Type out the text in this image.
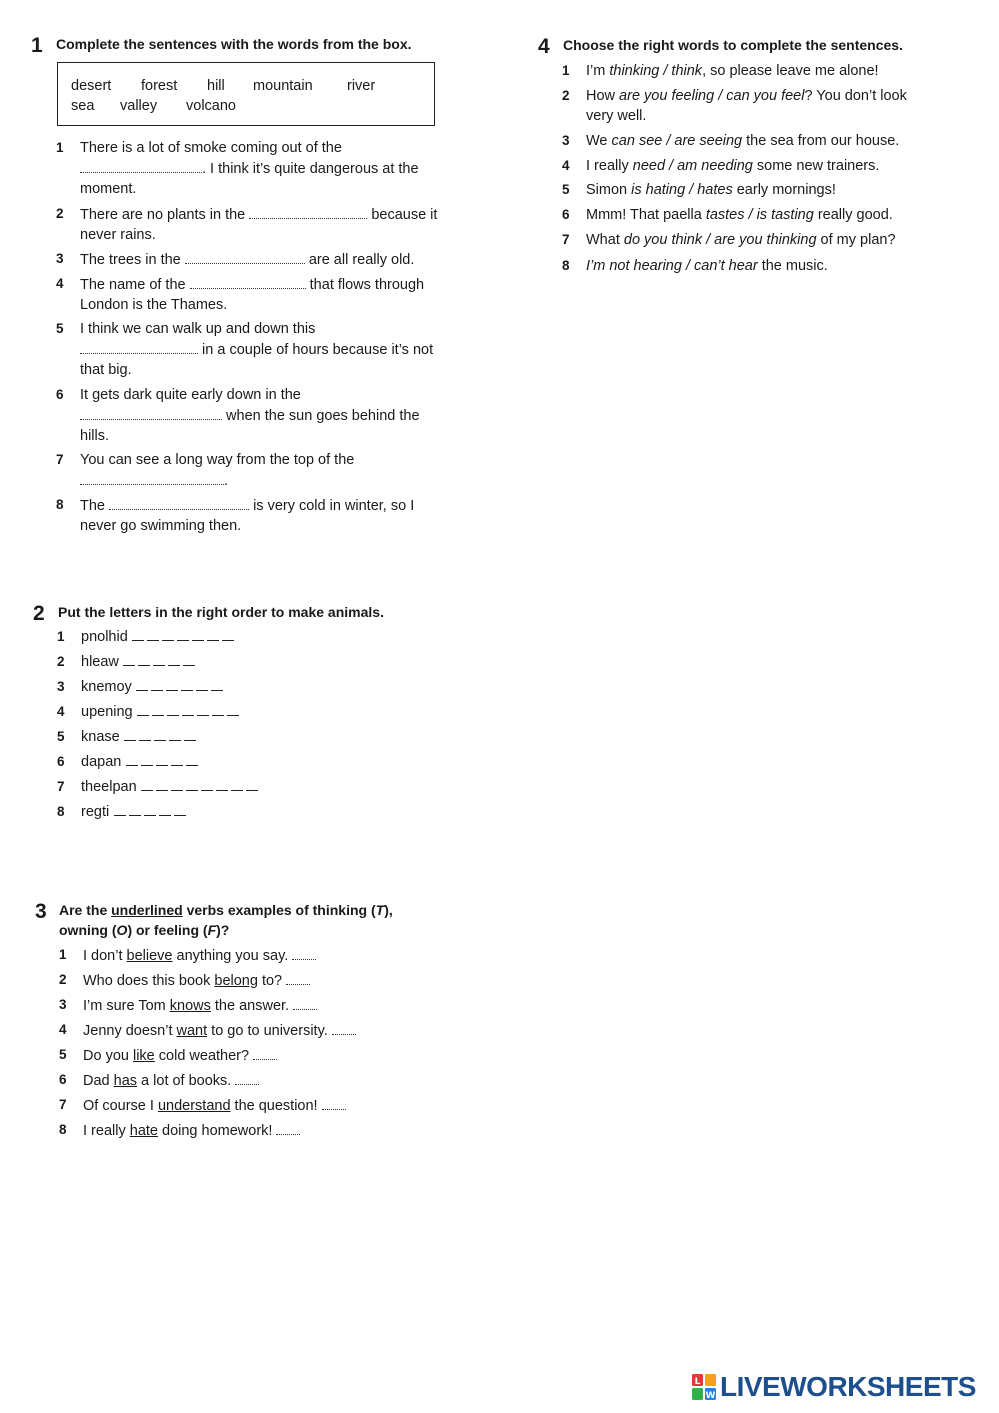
1 Complete the sentences with the words from the box.
desert forest hill mountain river
sea valley volcano
1	There is a lot of smoke coming out of the
. I think it’s quite dangerous at the moment.
2	There are no plants in the	because it never rains.
3	The trees in the	are all really old.
4	The name of the	that flows through London is the Thames.
5	I think we can walk up and down this
in a couple of hours because it’s not that big.
6	It gets dark quite early down in the
when the sun goes behind the hills.
7	You can see a long way from the top of the
.
8	The	is very cold in winter, so I never go swimming then.
2 Put the letters in the right order to make animals.
1	pnolhid
2	hleaw
3	knemoy
4	upening
5	knase
6	dapan
7	theelpan
8	regti
3 Are the underlined verbs examples of thinking (T), owning (O) or feeling (F)?
1	I don’t believe anything you say.
2	Who does this book belong to?
3	I’m sure Tom knows the answer.
4	Jenny doesn’t want to go to university.
5	Do you like cold weather?
6	Dad has a lot of books.
7	Of course I understand the question!
8	I really hate doing homework!
4 Choose the right words to complete the sentences.
1	I’m thinking / think, so please leave me alone!
2	How are you feeling / can you feel? You don’t look very well.
3	We can see / are seeing the sea from our house.
4	I really need / am needing some new trainers.
5	Simon is hating / hates early mornings!
6	Mmm! That paella tastes / is tasting really good.
7	What do you think / are you thinking of my plan?
8	I’m not hearing / can’t hear the music.
L
W LIVEWORKSHEETS
